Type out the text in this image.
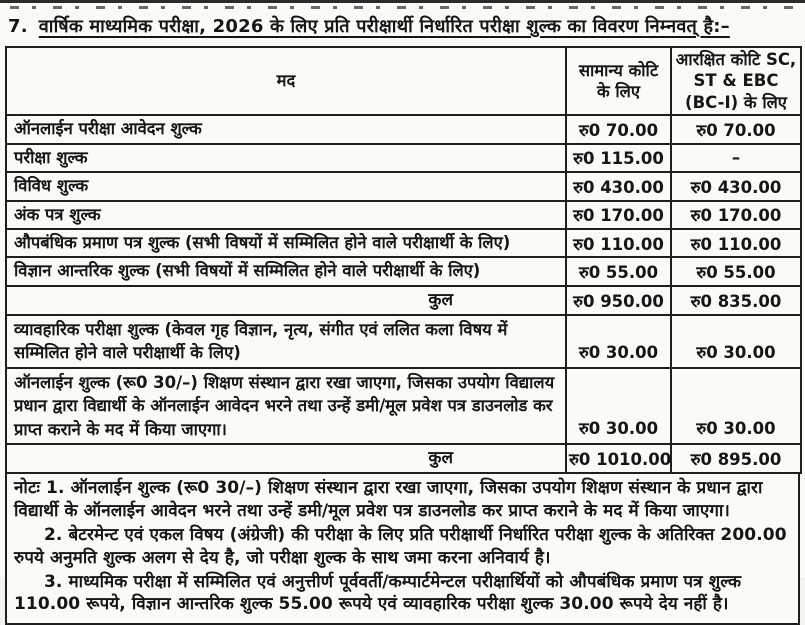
7. वार्षिक माध्यमिक परीक्षा, 2026 के लिए प्रति परीक्षार्थी निर्धारित परीक्षा शुल्क का विवरण निम्नवत् है:–
मद	सामान्य कोटि के लिए	आरक्षित कोटि SC, ST & EBC (BC-I) के लिए
ऑनलाईन परीक्षा आवेदन शुल्क	रु0 70.00	रु0 70.00
परीक्षा शुल्क	रु0 115.00	–
विविध शुल्क	रु0 430.00	रु0 430.00
अंक पत्र शुल्क	रु0 170.00	रु0 170.00
औपबंधिक प्रमाण पत्र शुल्क (सभी विषयों में सम्मिलित होने वाले परीक्षार्थी के लिए)	रु0 110.00	रु0 110.00
विज्ञान आन्तरिक शुल्क (सभी विषयों में सम्मिलित होने वाले परीक्षार्थी के लिए)	रु0 55.00	रु0 55.00
कुल	रु0 950.00	रु0 835.00
व्यावहारिक परीक्षा शुल्क (केवल गृह विज्ञान, नृत्य, संगीत एवं ललित कला विषय में सम्मिलित होने वाले परीक्षार्थी के लिए)	रु0 30.00	रु0 30.00
ऑनलाईन शुल्क (रू0 30/–) शिक्षण संस्थान द्वारा रखा जाएगा, जिसका उपयोग विद्यालय प्रधान द्वारा विद्यार्थी के ऑनलाईन आवेदन भरने तथा उन्हें डमी/मूल प्रवेश पत्र डाउनलोड कर प्राप्त कराने के मद में किया जाएगा।	रु0 30.00	रु0 30.00
कुल	रु0 1010.00	रु0 895.00

नोटः 1. ऑनलाईन शुल्क (रू0 30/–) शिक्षण संस्थान द्वारा रखा जाएगा, जिसका उपयोग शिक्षण संस्थान के प्रधान द्वारा विद्यार्थी के ऑनलाईन आवेदन भरने तथा उन्हें डमी/मूल प्रवेश पत्र डाउनलोड कर प्राप्त कराने के मद में किया जाएगा।

2. बेटरमेन्ट एवं एकल विषय (अंग्रेजी) की परीक्षा के लिए प्रति परीक्षार्थी निर्धारित परीक्षा शुल्क के अतिरिक्त 200.00 रुपये अनुमति शुल्क अलग से देय है, जो परीक्षा शुल्क के साथ जमा करना अनिवार्य है।

3. माध्यमिक परीक्षा में सम्मिलित एवं अनुत्तीर्ण पूर्ववर्ती/कम्पार्टमेन्टल परीक्षार्थियों को औपबंधिक प्रमाण पत्र शुल्क 110.00 रूपये, विज्ञान आन्तरिक शुल्क 55.00 रूपये एवं व्यावहारिक परीक्षा शुल्क 30.00 रूपये देय नहीं है।
